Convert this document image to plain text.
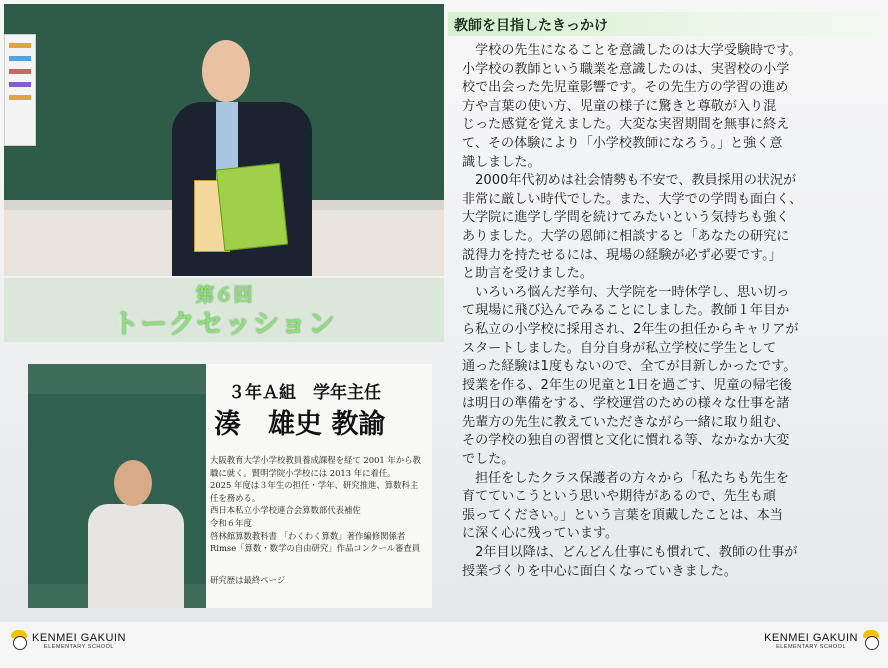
第６回
トークセッション
３年Ａ組　学年主任
湊　雄史 教諭
大阪教育大学小学校教員養成課程を経て 2001 年から教
職に就く。賢明学院小学校には 2013 年に着任。
2025 年度は３年生の担任・学年、研究推進、算数科主
任を務める。
西日本私立小学校連合会算数部代表補佐
令和６年度
啓林館算数教科書 「わくわく算数」著作編修関係者
Rimse「算数・数学の自由研究」作品コンクール審査員
研究歴は最終ページ
教師を目指したきっかけ
　学校の先生になることを意識したのは大学受験時です。
小学校の教師という職業を意識したのは、実習校の小学
校で出会った先児童影響です。その先生方の学習の進め
方や言葉の使い方、児童の様子に驚きと尊敬が入り混
じった感覚を覚えました。大変な実習期間を無事に終え
て、その体験により「小学校教師になろう。」と強く意
識しました。
　2000年代初めは社会情勢も不安で、教員採用の状況が
非常に厳しい時代でした。また、大学での学問も面白く、
大学院に進学し学問を続けてみたいという気持ちも強く
ありました。大学の恩師に相談すると「あなたの研究に
説得力を持たせるには、現場の経験が必ず必要です。」
と助言を受けました。
　いろいろ悩んだ挙句、大学院を一時休学し、思い切っ
て現場に飛び込んでみることにしました。教師１年目か
ら私立の小学校に採用され、2年生の担任からキャリアが
スタートしました。自分自身が私立学校に学生として
通った経験は1度もないので、全てが目新しかったです。
授業を作る、2年生の児童と1日を過ごす、児童の帰宅後
は明日の準備をする、学校運営のための様々な仕事を諸
先輩方の先生に教えていただきながら一緒に取り組む、
その学校の独自の習慣と文化に慣れる等、なかなか大変
でした。
　担任をしたクラス保護者の方々から「私たちも先生を
育てていこうという思いや期待があるので、先生も頑
張ってください。」という言葉を頂戴したことは、本当
に深く心に残っています。
　2年目以降は、どんどん仕事にも慣れて、教師の仕事が
授業づくりを中心に面白くなっていきました。
KENMEI GAKUIN
ELEMENTARY SCHOOL
KENMEI GAKUIN
ELEMENTARY SCHOOL
